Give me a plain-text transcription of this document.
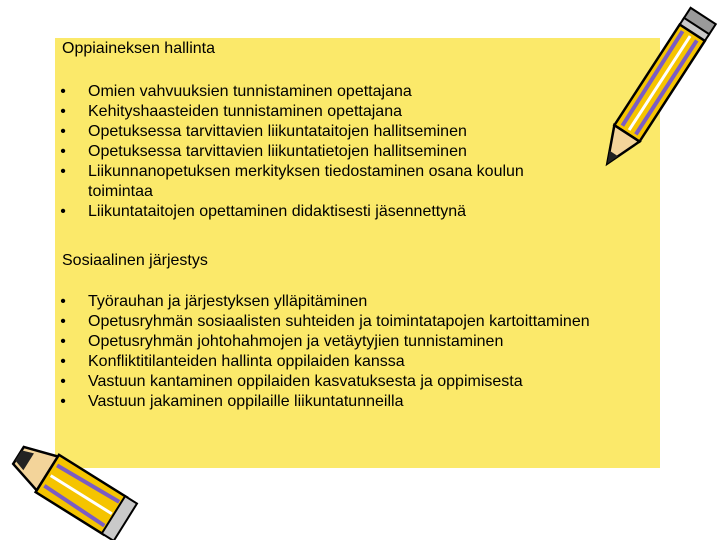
Oppiaineksen hallinta
• Omien vahvuuksien tunnistaminen opettajana
• Kehityshaasteiden tunnistaminen opettajana
• Opetuksessa tarvittavien liikuntataitojen hallitseminen
• Opetuksessa tarvittavien liikuntatietojen hallitseminen
• Liikunnanopetuksen merkityksen tiedostaminen osana koulun toimintaa
• Liikuntataitojen opettaminen didaktisesti jäsennettynä
Sosiaalinen järjestys
• Työrauhan ja järjestyksen ylläpitäminen
• Opetusryhmän sosiaalisten suhteiden ja toimintatapojen kartoittaminen
• Opetusryhmän johtohahmojen ja vetäytyjien tunnistaminen
• Konfliktitilanteiden hallinta oppilaiden kanssa
• Vastuun kantaminen oppilaiden kasvatuksesta ja oppimisesta
• Vastuun jakaminen oppilaille liikuntatunneilla
